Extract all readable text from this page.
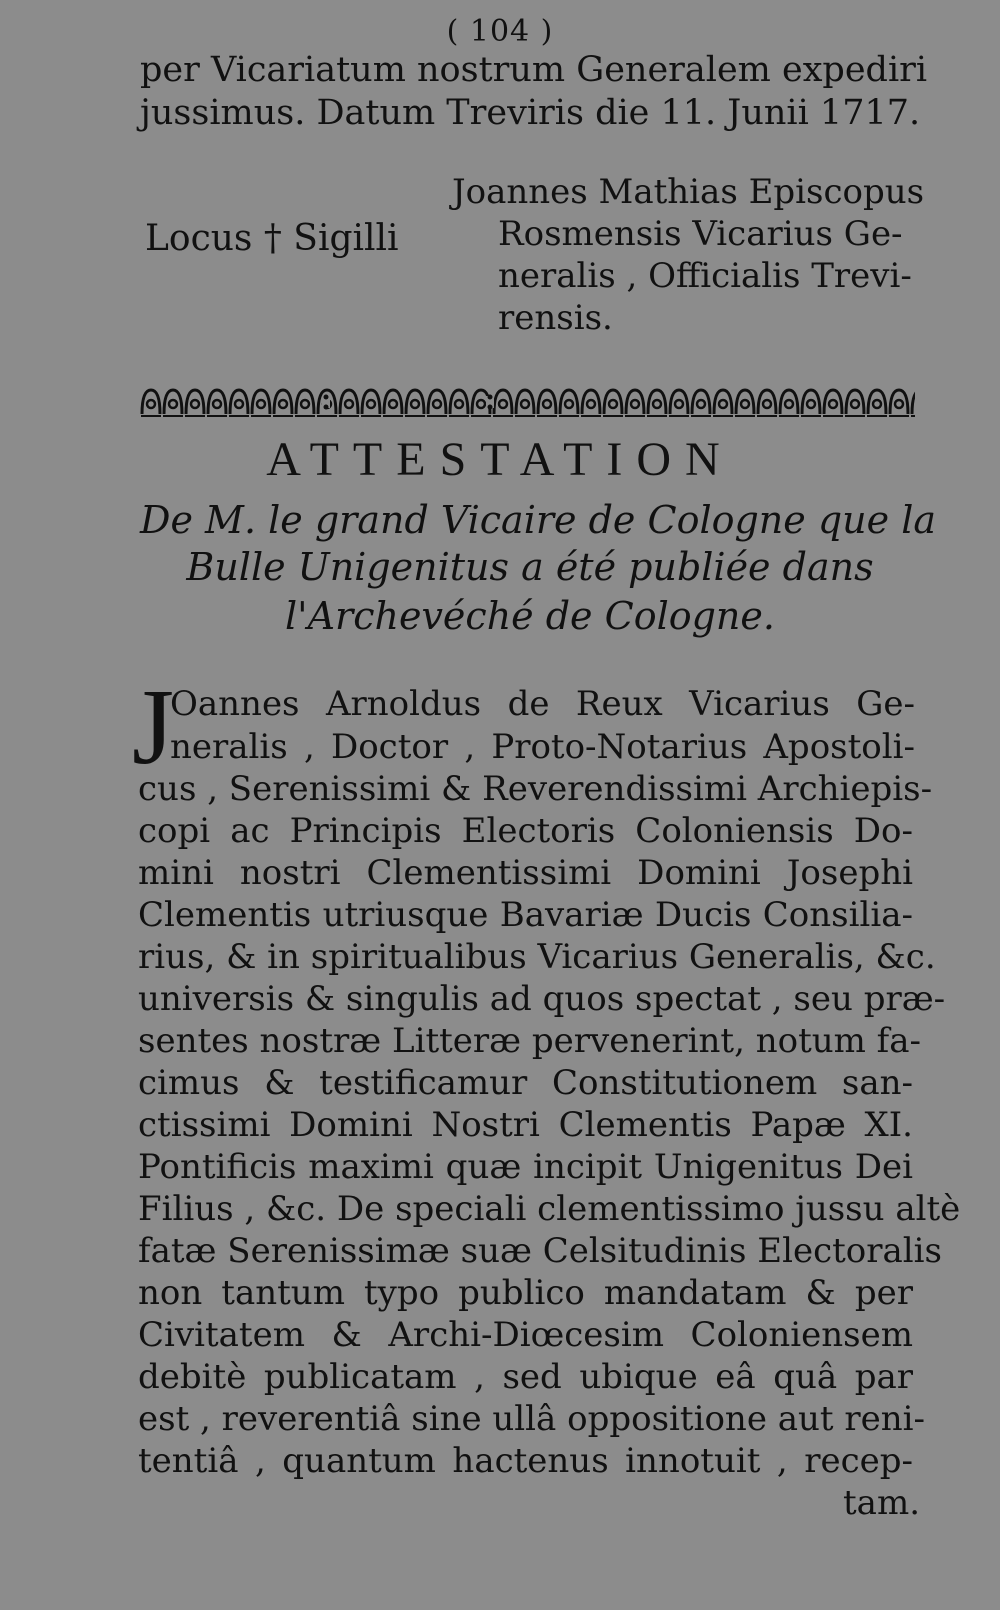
( 104 )
per Vicariatum nostrum Generalem expediri
jussimus. Datum Treviris die 11. Junii 1717.
Locus † Sigilli
Joannes Mathias Episcopus
Rosmensis Vicarius Ge-
neralis , Officialis Trevi-
rensis.
ATTESTATION
De M. le grand Vicaire de Cologne que la
Bulle Unigenitus a été publiée dans
l'Archevéché de Cologne.
J
Oannes Arnoldus de Reux Vicarius Ge-
neralis , Doctor , Proto-Notarius Apostoli-
cus , Serenissimi & Reverendissimi Archiepis-
copi ac Principis Electoris Coloniensis Do-
mini nostri Clementissimi Domini Josephi
Clementis utriusque Bavariæ Ducis Consilia-
rius, & in spiritualibus Vicarius Generalis, &c.
universis & singulis ad quos spectat , seu præ-
sentes nostræ Litteræ pervenerint, notum fa-
cimus & testificamur Constitutionem san-
ctissimi Domini Nostri Clementis Papæ XI.
Pontificis maximi quæ incipit Unigenitus Dei
Filius , &c. De speciali clementissimo jussu altè
fatæ Serenissimæ suæ Celsitudinis Electoralis
non tantum typo publico mandatam & per
Civitatem & Archi-Diœcesim Coloniensem
debitè publicatam , sed ubique eâ quâ par
est , reverentiâ sine ullâ oppositione aut reni-
tentiâ , quantum hactenus innotuit , recep-
tam.
